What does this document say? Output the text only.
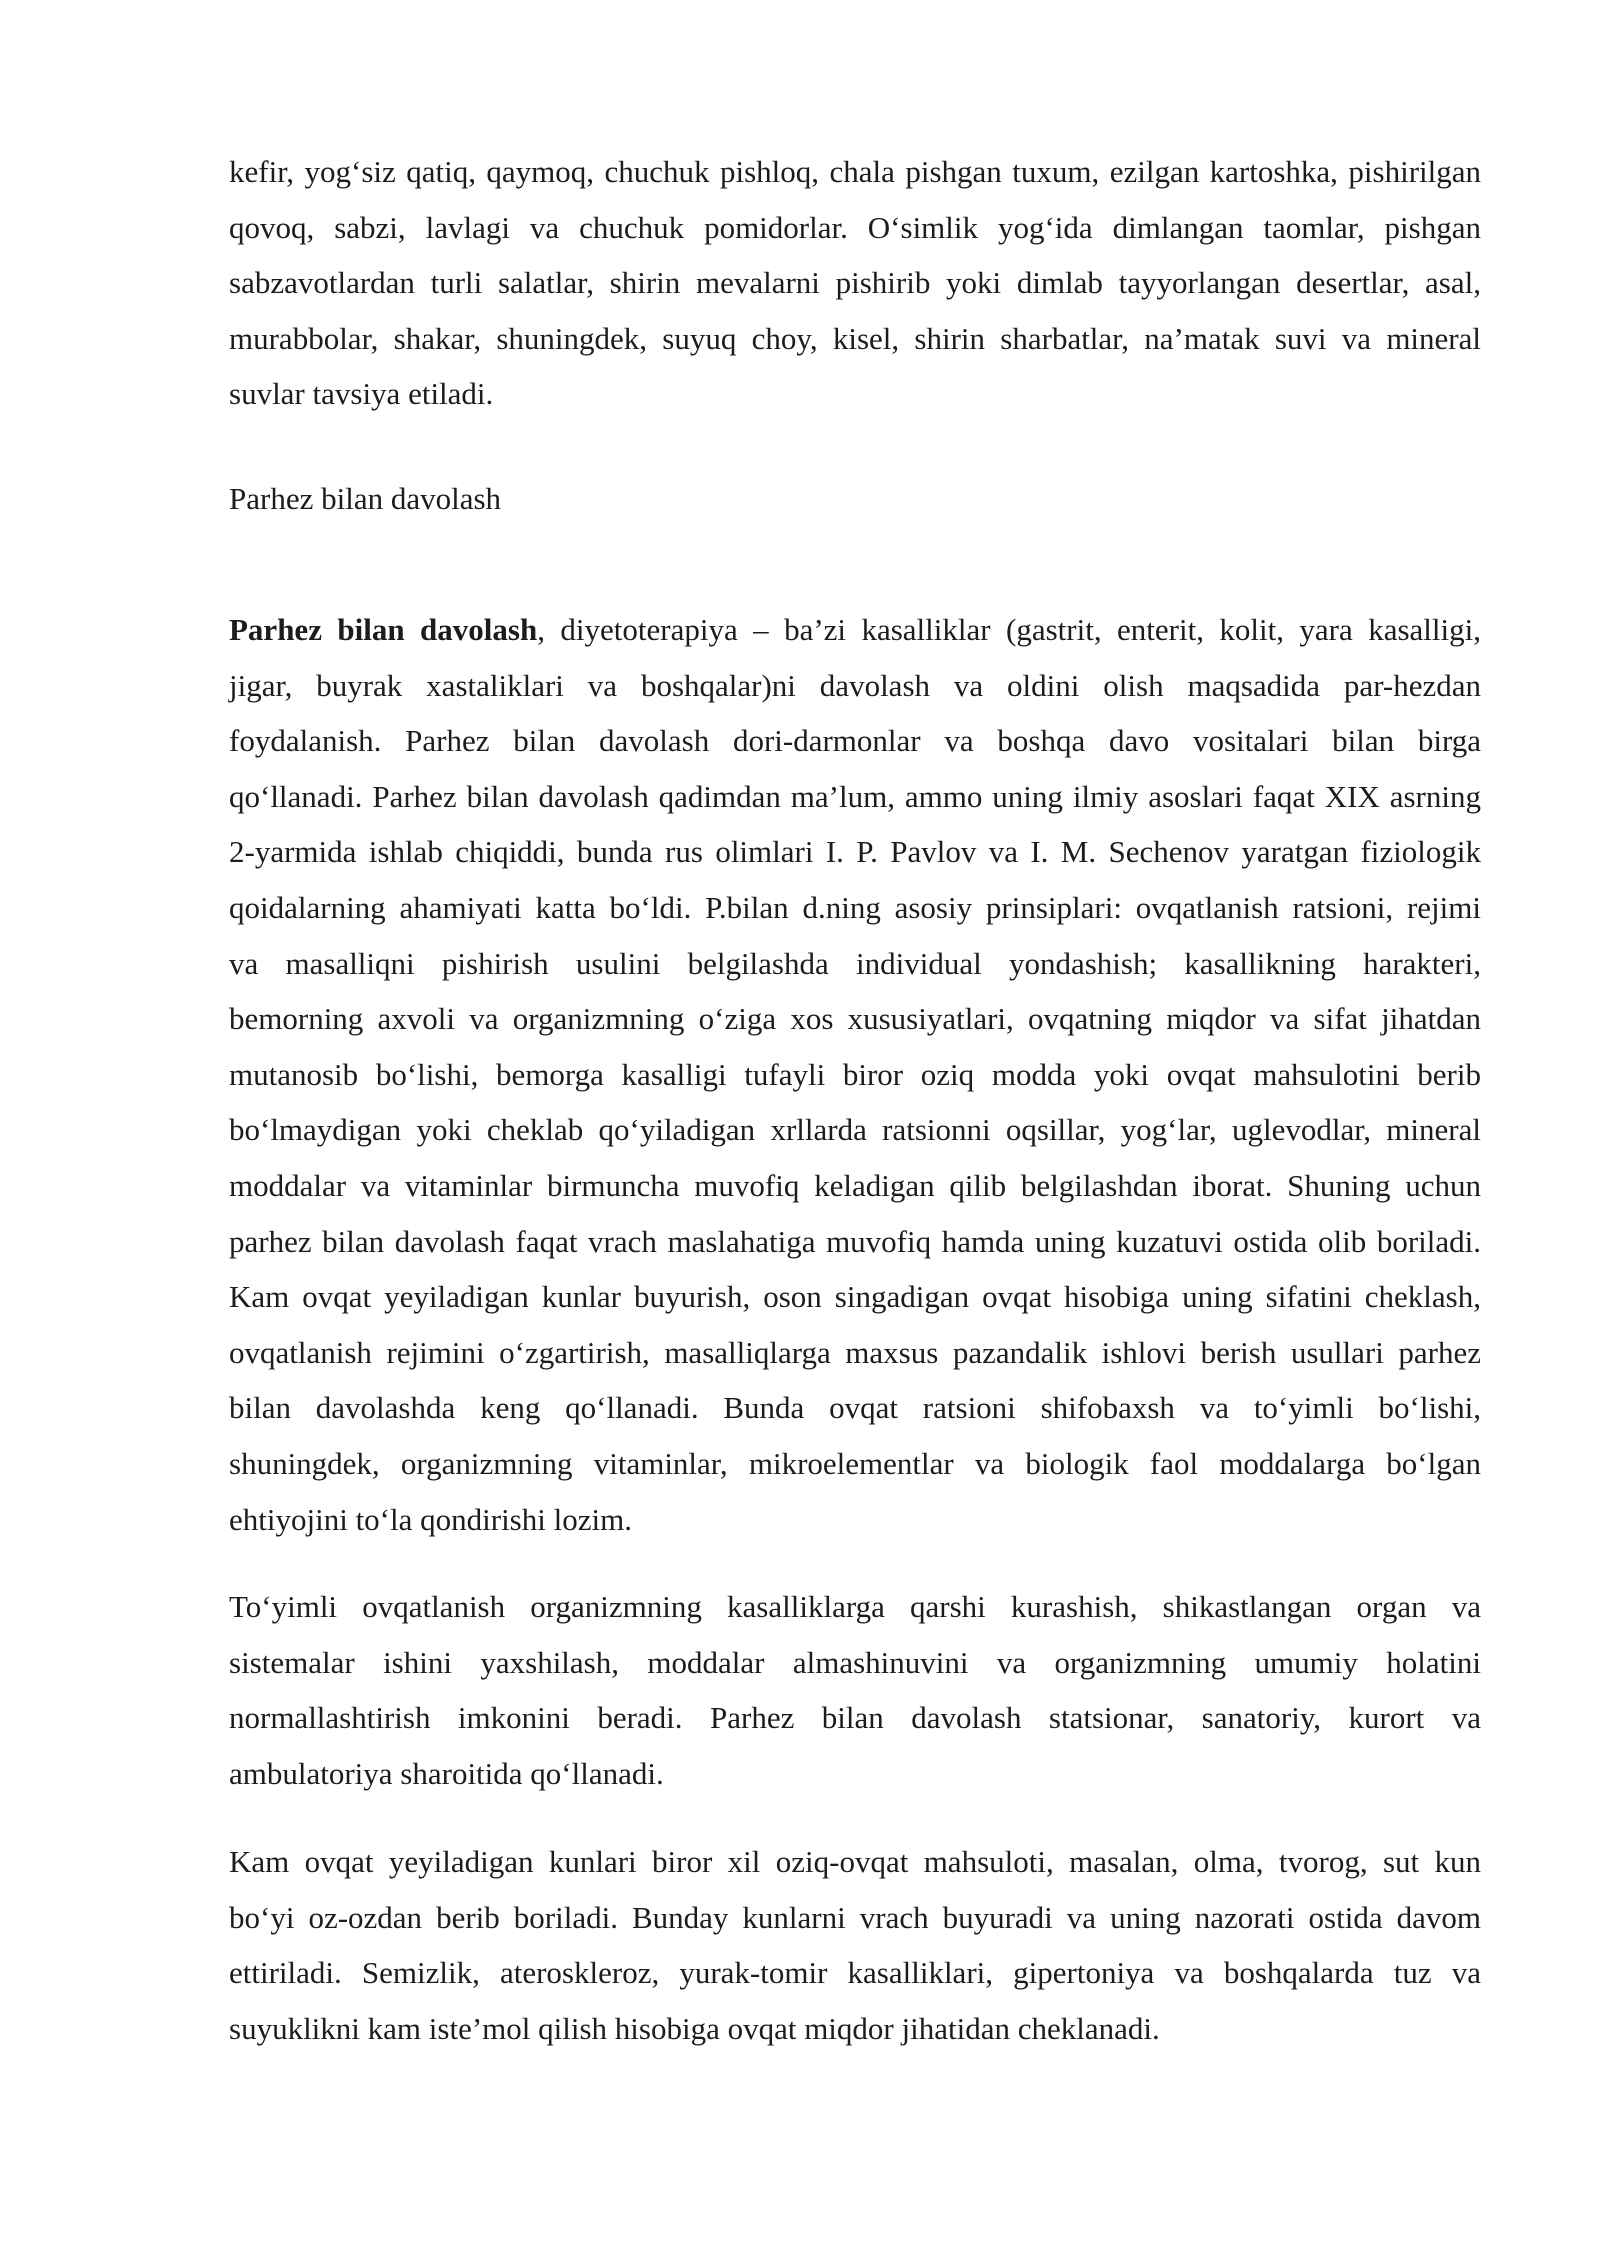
kefir, yog‘siz qatiq, qaymoq, chuchuk pishloq, chala pishgan tuxum, ezilgan kartoshka, pishirilgan
qovoq, sabzi, lavlagi va chuchuk pomidorlar. O‘simlik yog‘ida dimlangan taomlar, pishgan
sabzavotlardan turli salatlar, shirin mevalarni pishirib yoki dimlab tayyorlangan desertlar, asal,
murabbolar, shakar, shuningdek, suyuq choy, kisel, shirin sharbatlar, na’matak suvi va mineral
suvlar tavsiya etiladi.
Parhez bilan davolash
Parhez bilan davolash, diyetoterapiya – ba’zi kasalliklar (gastrit, enterit, kolit, yara kasalligi,
jigar, buyrak xastaliklari va boshqalar)ni davolash va oldini olish maqsadida par-hezdan
foydalanish. Parhez bilan davolash dori-darmonlar va boshqa davo vositalari bilan birga
qo‘llanadi. Parhez bilan davolash qadimdan ma’lum, ammo uning ilmiy asoslari faqat XIX asrning
2-yarmida ishlab chiqiddi, bunda rus olimlari I. P. Pavlov va I. M. Sechenov yaratgan fiziologik
qoidalarning ahamiyati katta bo‘ldi. P.bilan d.ning asosiy prinsiplari: ovqatlanish ratsioni, rejimi
va masalliqni pishirish usulini belgilashda individual yondashish; kasallikning harakteri,
bemorning axvoli va organizmning o‘ziga xos xususiyatlari, ovqatning miqdor va sifat jihatdan
mutanosib bo‘lishi, bemorga kasalligi tufayli biror oziq modda yoki ovqat mahsulotini berib
bo‘lmaydigan yoki cheklab qo‘yiladigan xrllarda ratsionni oqsillar, yog‘lar, uglevodlar, mineral
moddalar va vitaminlar birmuncha muvofiq keladigan qilib belgilashdan iborat. Shuning uchun
parhez bilan davolash faqat vrach maslahatiga muvofiq hamda uning kuzatuvi ostida olib boriladi.
Kam ovqat yeyiladigan kunlar buyurish, oson singadigan ovqat hisobiga uning sifatini cheklash,
ovqatlanish rejimini o‘zgartirish, masalliqlarga maxsus pazandalik ishlovi berish usullari parhez
bilan davolashda keng qo‘llanadi. Bunda ovqat ratsioni shifobaxsh va to‘yimli bo‘lishi,
shuningdek, organizmning vitaminlar, mikroelementlar va biologik faol moddalarga bo‘lgan
ehtiyojini to‘la qondirishi lozim.
To‘yimli ovqatlanish organizmning kasalliklarga qarshi kurashish, shikastlangan organ va
sistemalar ishini yaxshilash, moddalar almashinuvini va organizmning umumiy holatini
normallashtirish imkonini beradi. Parhez bilan davolash statsionar, sanatoriy, kurort va
ambulatoriya sharoitida qo‘llanadi.
Kam ovqat yeyiladigan kunlari biror xil oziq-ovqat mahsuloti, masalan, olma, tvorog, sut kun
bo‘yi oz-ozdan berib boriladi. Bunday kunlarni vrach buyuradi va uning nazorati ostida davom
ettiriladi. Semizlik, ateroskleroz, yurak-tomir kasalliklari, gipertoniya va boshqalarda tuz va
suyuklikni kam iste’mol qilish hisobiga ovqat miqdor jihatidan cheklanadi.
